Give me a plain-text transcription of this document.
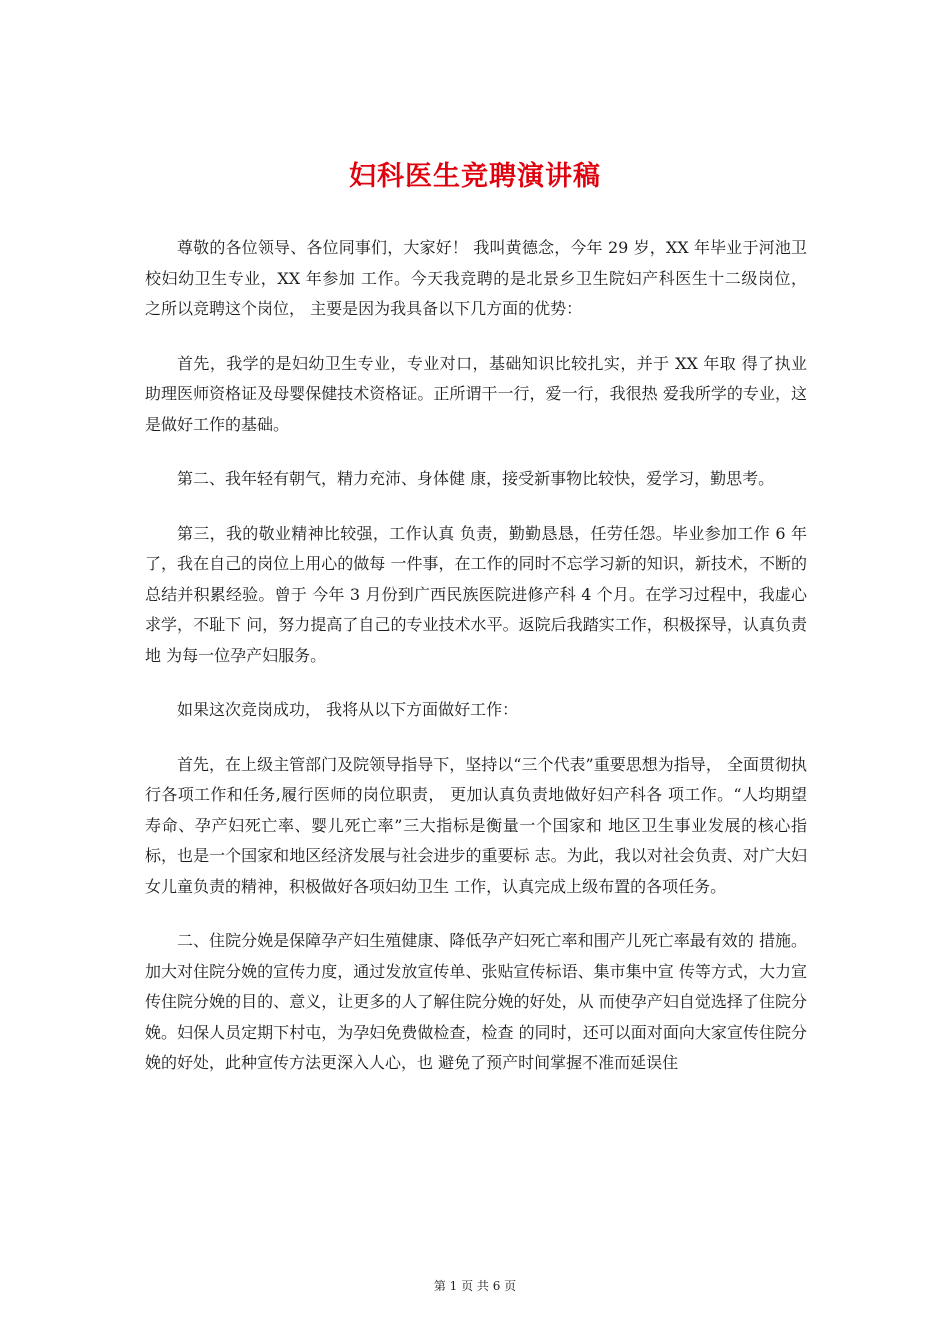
妇科医生竞聘演讲稿

尊敬的各位领导、各位同事们，大家好！ 我叫黄德念，今年 29 岁，XX 年毕业于河池卫校妇幼卫生专业，XX 年参加 工作。今天我竞聘的是北景乡卫生院妇产科医生十二级岗位， 之所以竞聘这个岗位， 主要是因为我具备以下几方面的优势：

首先，我学的是妇幼卫生专业，专业对口，基础知识比较扎实，并于 XX 年取 得了执业助理医师资格证及母婴保健技术资格证。正所谓干一行，爱一行，我很热 爱我所学的专业，这是做好工作的基础。

第二、我年轻有朝气，精力充沛、身体健 康，接受新事物比较快，爱学习，勤思考。

第三，我的敬业精神比较强，工作认真 负责，勤勤恳恳，任劳任怨。毕业参加工作 6 年了，我在自己的岗位上用心的做每 一件事，在工作的同时不忘学习新的知识，新技术，不断的总结并积累经验。曾于 今年 3 月份到广西民族医院进修产科 4 个月。在学习过程中，我虚心求学，不耻下 问，努力提高了自己的专业技术水平。返院后我踏实工作，积极探导，认真负责地 为每一位孕产妇服务。

如果这次竞岗成功， 我将从以下方面做好工作：

首先，在上级主管部门及院领导指导下，坚持以“三个代表”重要思想为指导， 全面贯彻执行各项工作和任务,履行医师的岗位职责， 更加认真负责地做好妇产科各 项工作。“人均期望寿命、孕产妇死亡率、婴儿死亡率”三大指标是衡量一个国家和 地区卫生事业发展的核心指标，也是一个国家和地区经济发展与社会进步的重要标 志。为此，我以对社会负责、对广大妇女儿童负责的精神，积极做好各项妇幼卫生 工作，认真完成上级布置的各项任务。

二、住院分娩是保障孕产妇生殖健康、降低孕产妇死亡率和围产儿死亡率最有效的 措施。加大对住院分娩的宣传力度，通过发放宣传单、张贴宣传标语、集市集中宣 传等方式，大力宣传住院分娩的目的、意义，让更多的人了解住院分娩的好处，从 而使孕产妇自觉选择了住院分娩。妇保人员定期下村屯，为孕妇免费做检查，检查 的同时，还可以面对面向大家宣传住院分娩的好处，此种宣传方法更深入人心，也 避免了预产时间掌握不准而延误住

第 1 页 共 6 页
